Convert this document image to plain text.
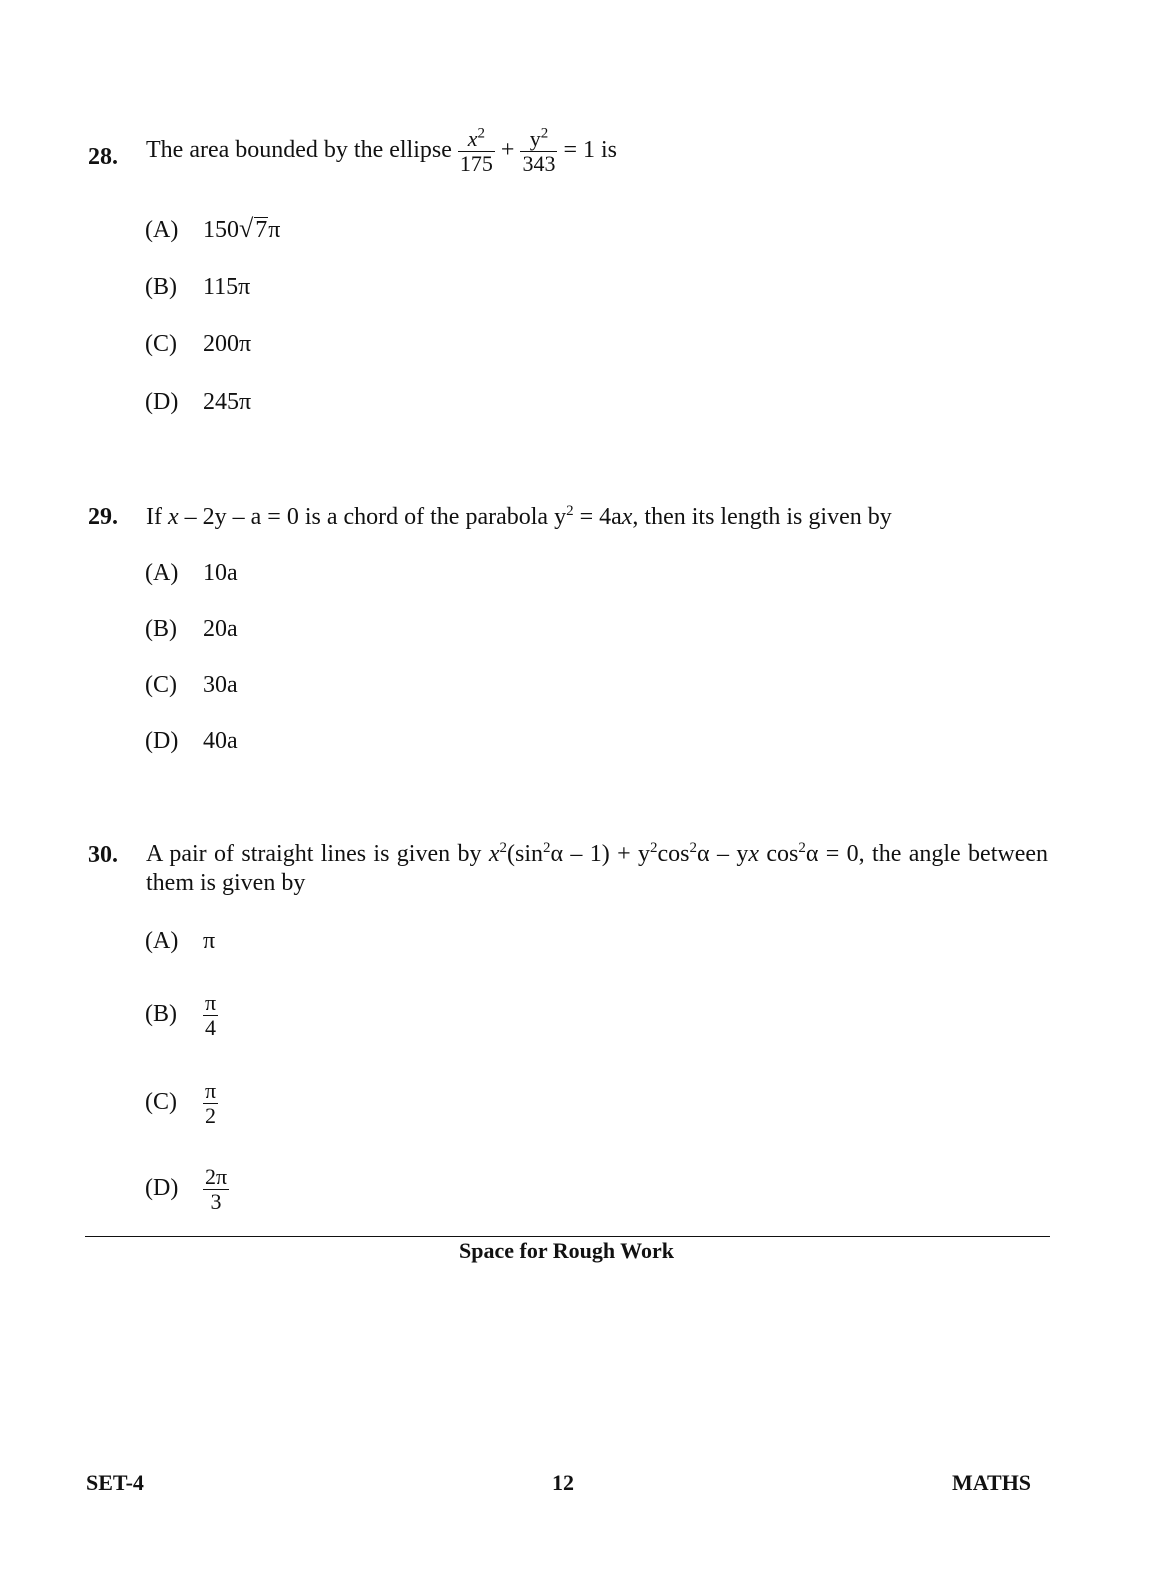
28. The area bounded by the ellipse $\frac{x^2}{175} + \frac{y^2}{343} = 1$ is
(A) 150√7π
(B) 115π
(C) 200π
(D) 245π
29. If x – 2y – a = 0 is a chord of the parabola $y^2 = 4ax$, then its length is given by
(A) 10a
(B) 20a
(C) 30a
(D) 40a
30. A pair of straight lines is given by $x^2(\sin^2\alpha - 1) + y^2\cos^2\alpha$ – yx $\cos^2\alpha = 0$, the angle between them is given by
(A) π
$(B) \frac{\pi}{4}$
$(C) \frac{\pi}{2}$
$(D) \frac{2\pi}{3}$
Space for Rough Work
SET-4	12	MATHS
